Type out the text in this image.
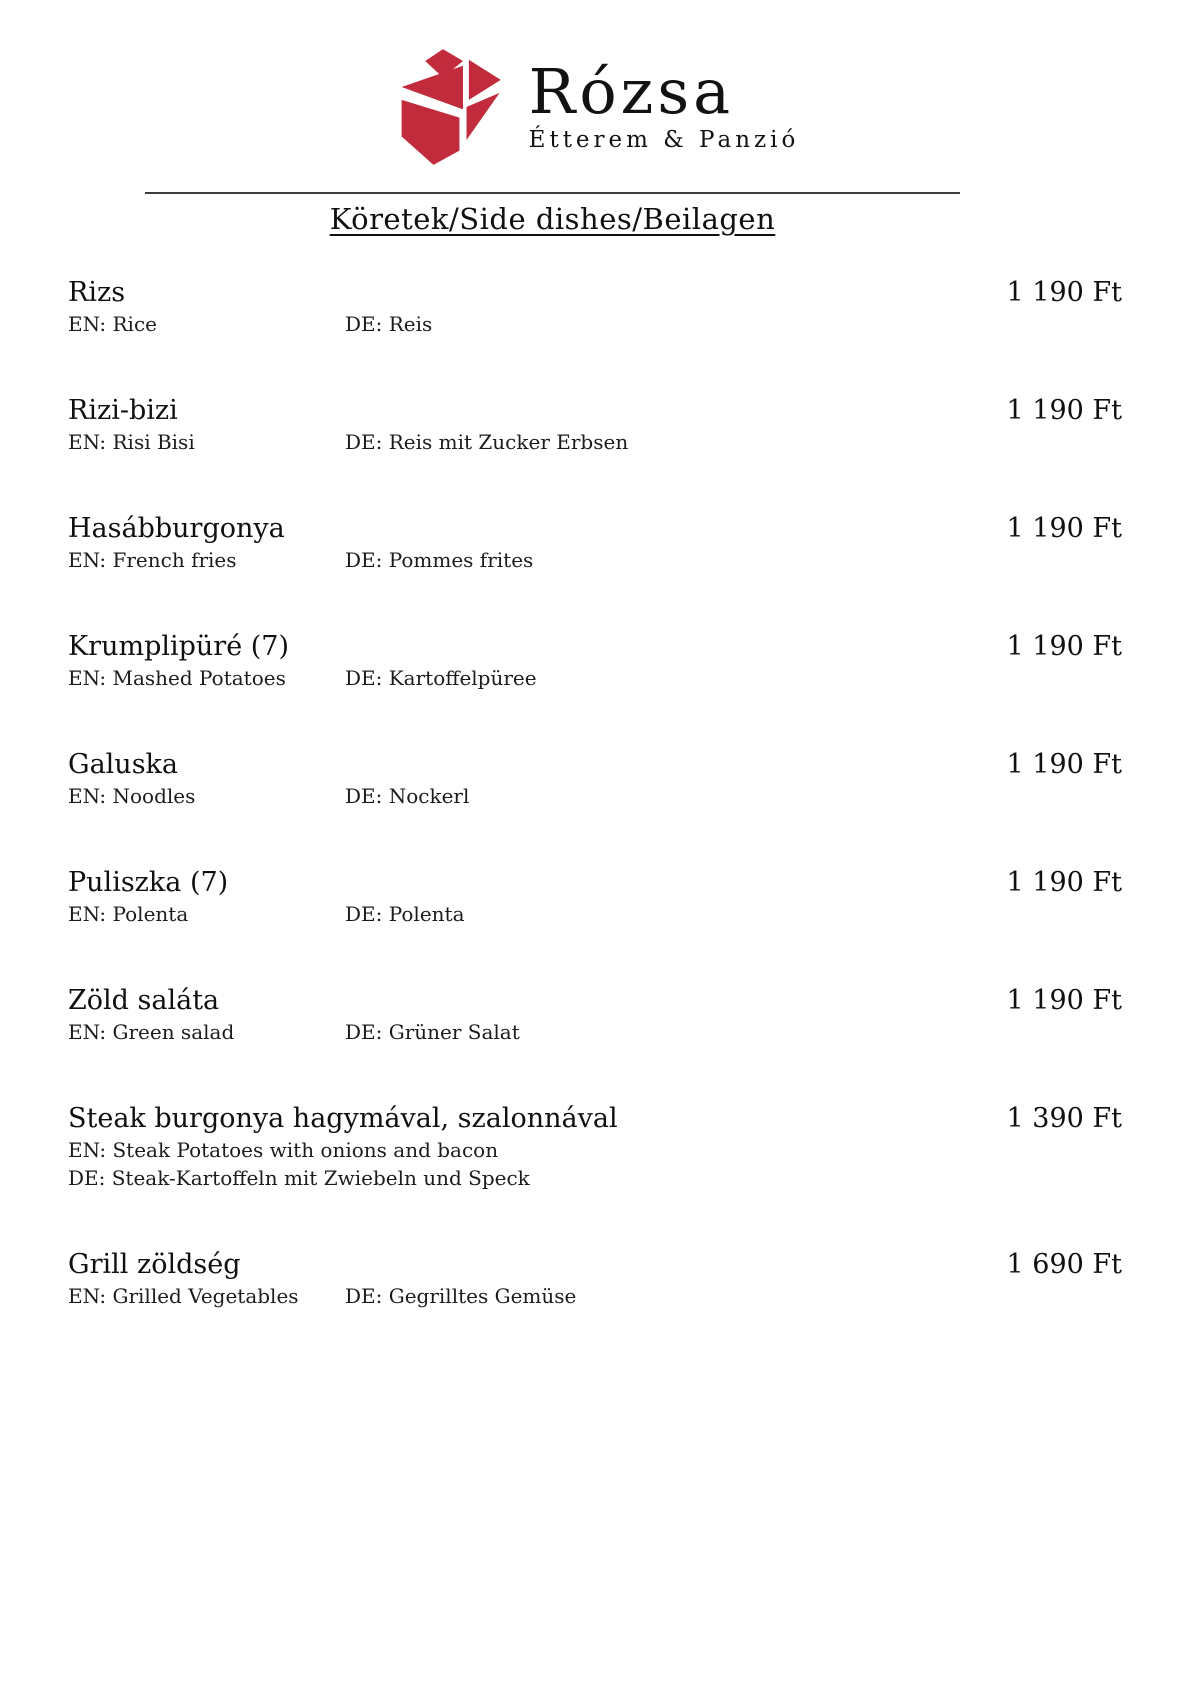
Rózsa
Étterem & Panzió
Köretek/Side dishes/Beilagen
Rizs
EN: Rice	DE: Reis
1 190 Ft
Rizi-bizi
EN: Risi Bisi	DE: Reis mit Zucker Erbsen
1 190 Ft
Hasábburgonya
EN: French fries	DE: Pommes frites
1 190 Ft
Krumplipüré (7)
EN: Mashed Potatoes	DE: Kartoffelpüree
1 190 Ft
Galuska
EN: Noodles	DE: Nockerl
1 190 Ft
Puliszka (7)
EN: Polenta	DE: Polenta
1 190 Ft
Zöld saláta
EN: Green salad	DE: Grüner Salat
1 190 Ft
Steak burgonya hagymával, szalonnával
EN: Steak Potatoes with onions and bacon
DE: Steak-Kartoffeln mit Zwiebeln und Speck
1 390 Ft
Grill zöldség
EN: Grilled Vegetables	DE: Gegrilltes Gemüse
1 690 Ft
